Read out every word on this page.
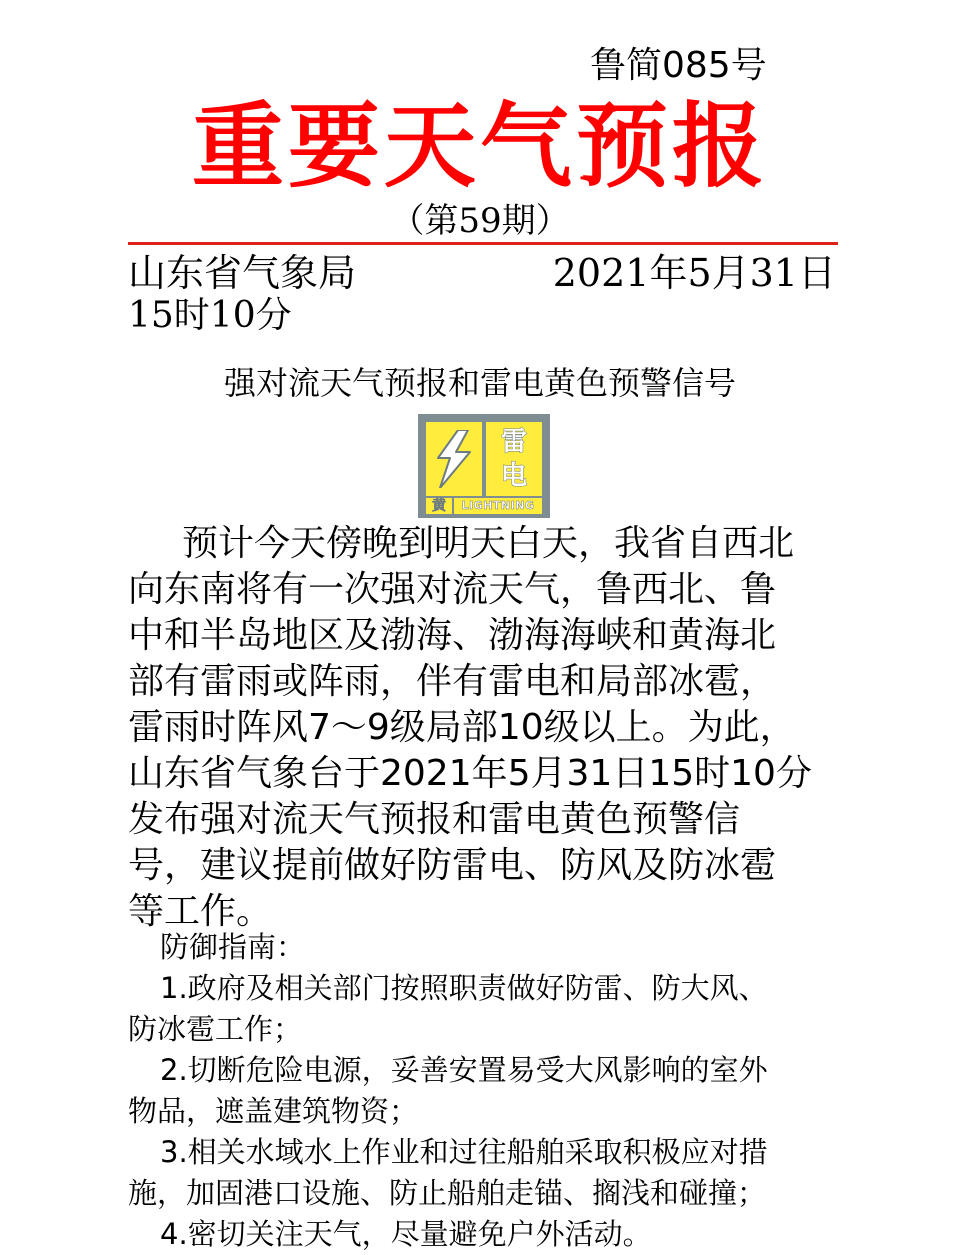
鲁简085号
重要天气预报
（第59期）
山东省气象局	2021年5月31日
15时10分
强对流天气预报和雷电黄色预警信号
雷
电
黄	LIGHTNING
预计今天傍晚到明天白天，我省自西北
向东南将有一次强对流天气，鲁西北、鲁
中和半岛地区及渤海、渤海海峡和黄海北
部有雷雨或阵雨，伴有雷电和局部冰雹，
雷雨时阵风7～9级局部10级以上。为此，
山东省气象台于2021年5月31日15时10分
发布强对流天气预报和雷电黄色预警信
号，建议提前做好防雷电、防风及防冰雹
等工作。
防御指南：
1.政府及相关部门按照职责做好防雷、防大风、
防冰雹工作；
2.切断危险电源，妥善安置易受大风影响的室外
物品，遮盖建筑物资；
3.相关水域水上作业和过往船舶采取积极应对措
施，加固港口设施、防止船舶走锚、搁浅和碰撞；
4.密切关注天气，尽量避免户外活动。
